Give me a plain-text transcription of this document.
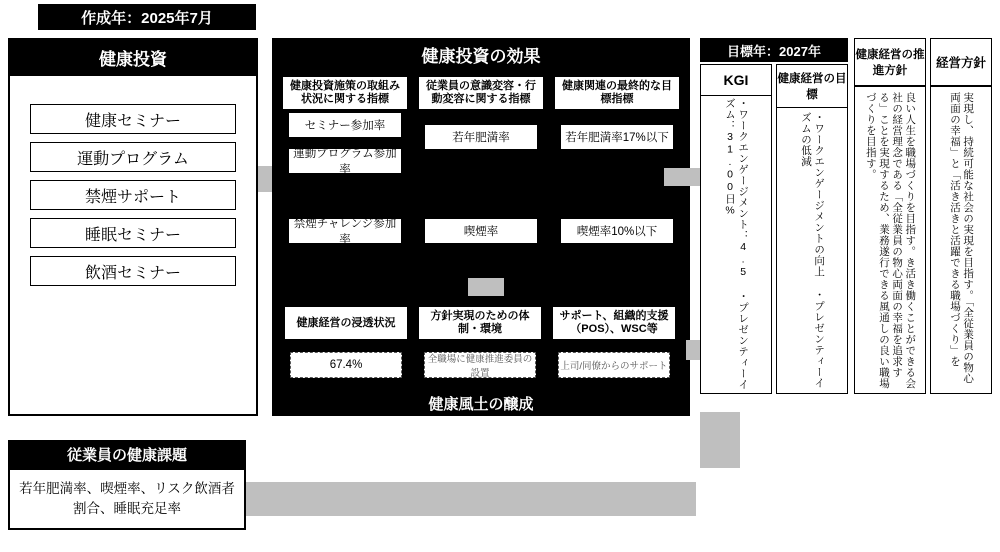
作成年：2025年7月
健康投資
健康セミナー
運動プログラム
禁煙サポート
睡眠セミナー
飲酒セミナー
健康投資の効果
健康投資施策の取組み状況に関する指標
セミナー参加率
運動プログラム参加率
禁煙チャレンジ参加率
従業員の意識変容・行動変容に関する指標
若年肥満率
喫煙率
健康関連の最終的な目標指標
若年肥満率17%以下
喫煙率10%以下
健康経営の浸透状況
67.4%
方針実現のための体制・環境
全職場に健康推進委員の設置
サポート、組織的支援（POS）、WSC等
上司/同僚からのサポート
健康風土の醸成
目標年：2027年
KGI
・ワークエンゲージメント：4.5 ・プレゼンティーイズム：31.00日%
健康経営の目標
・ワークエンゲージメントの向上 ・プレゼンティーイズムの低減
健康経営の推進方針
良い人生を職場づくりを目指す。き活き働くことができる会社の経営理念である「全従業員の物心両面の幸福を追求する」ことを実現するため、業務遂行できる風通しの良い職場づくりを目指す。
経営方針
実現し、持続可能な社会の実現を目指す。「全従業員の物心両面の幸福」と「活き活きと活躍できる職場づくり」を
従業員の健康課題
若年肥満率、喫煙率、リスク飲酒者割合、睡眠充足率
